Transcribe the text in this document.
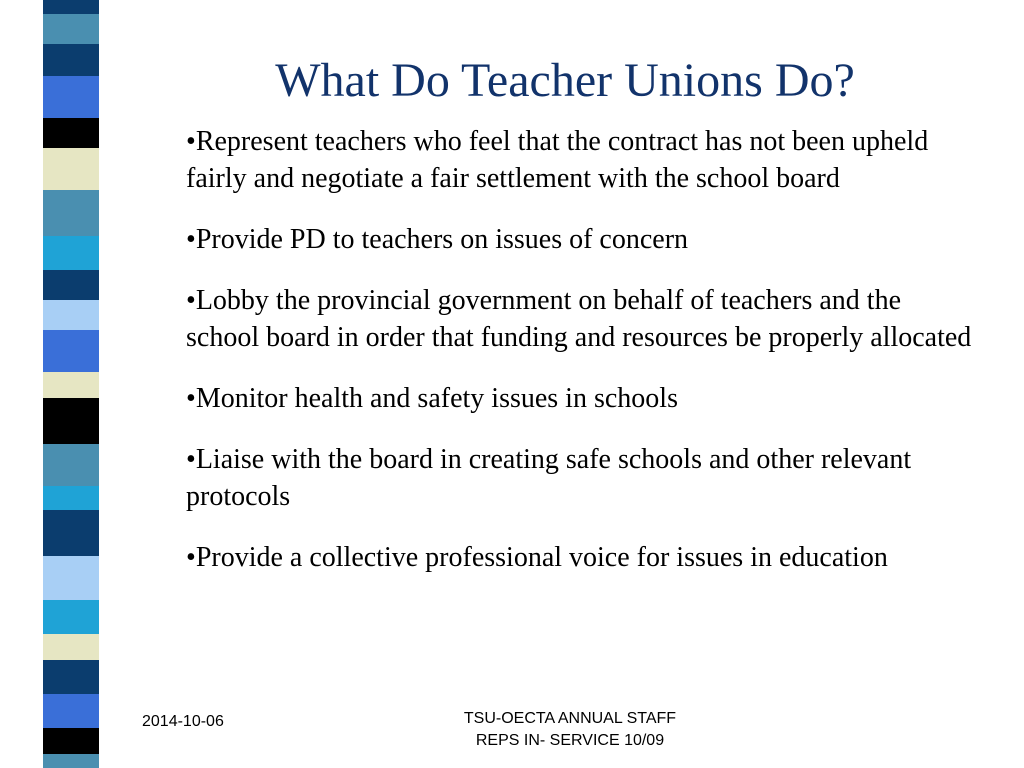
What Do Teacher Unions Do?
•Represent teachers who feel that the contract has not been upheld fairly and negotiate a fair settlement with the school board
•Provide PD to teachers on issues of concern
•Lobby the provincial government on behalf of teachers and the school board in order that funding and resources be properly allocated
•Monitor health and safety issues in schools
•Liaise with the board in creating safe schools and other relevant protocols
•Provide a collective professional voice for issues in education
2014-10-06	TSU-OECTA ANNUAL STAFF
REPS IN- SERVICE 10/09
